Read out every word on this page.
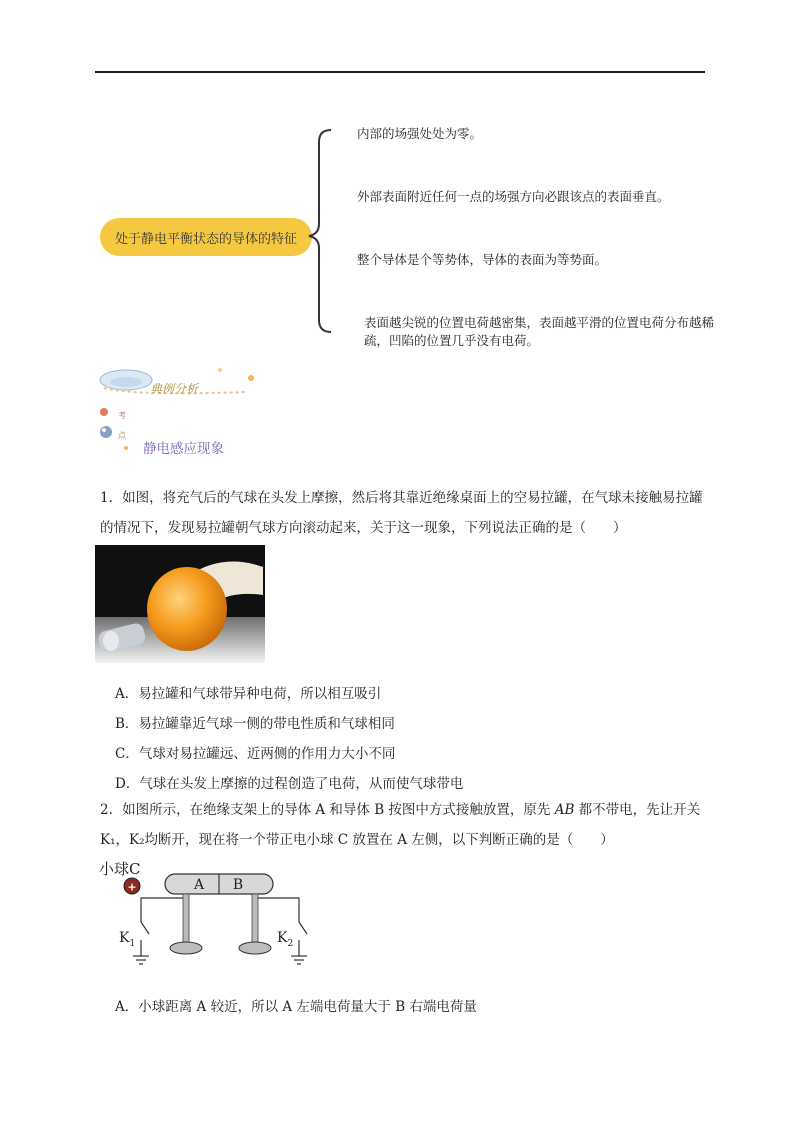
处于静电平衡状态的导体的特征
内部的场强处处为零。
外部表面附近任何一点的场强方向必跟该点的表面垂直。
整个导体是个等势体，导体的表面为等势面。
表面越尖锐的位置电荷越密集，表面越平滑的位置电荷分布越稀疏，凹陷的位置几乎没有电荷。
典例分析
考
点
静电感应现象
1．如图，将充气后的气球在头发上摩擦，然后将其靠近绝缘桌面上的空易拉罐，在气球未接触易拉罐的情况下，发现易拉罐朝气球方向滚动起来，关于这一现象，下列说法正确的是（　　）
A．易拉罐和气球带异种电荷，所以相互吸引
B．易拉罐靠近气球一侧的带电性质和气球相同
C．气球对易拉罐远、近两侧的作用力大小不同
D．气球在头发上摩擦的过程创造了电荷，从而使气球带电
2．如图所示，在绝缘支架上的导体 A 和导体 B 按图中方式接触放置，原先 AB 都不带电，先让开关 K₁，K₂均断开，现在将一个带正电小球 C 放置在 A 左侧，以下判断正确的是（　　）
小球C
+	A B
$K_1$	$K_2$
A．小球距离 A 较近，所以 A 左端电荷量大于 B 右端电荷量
